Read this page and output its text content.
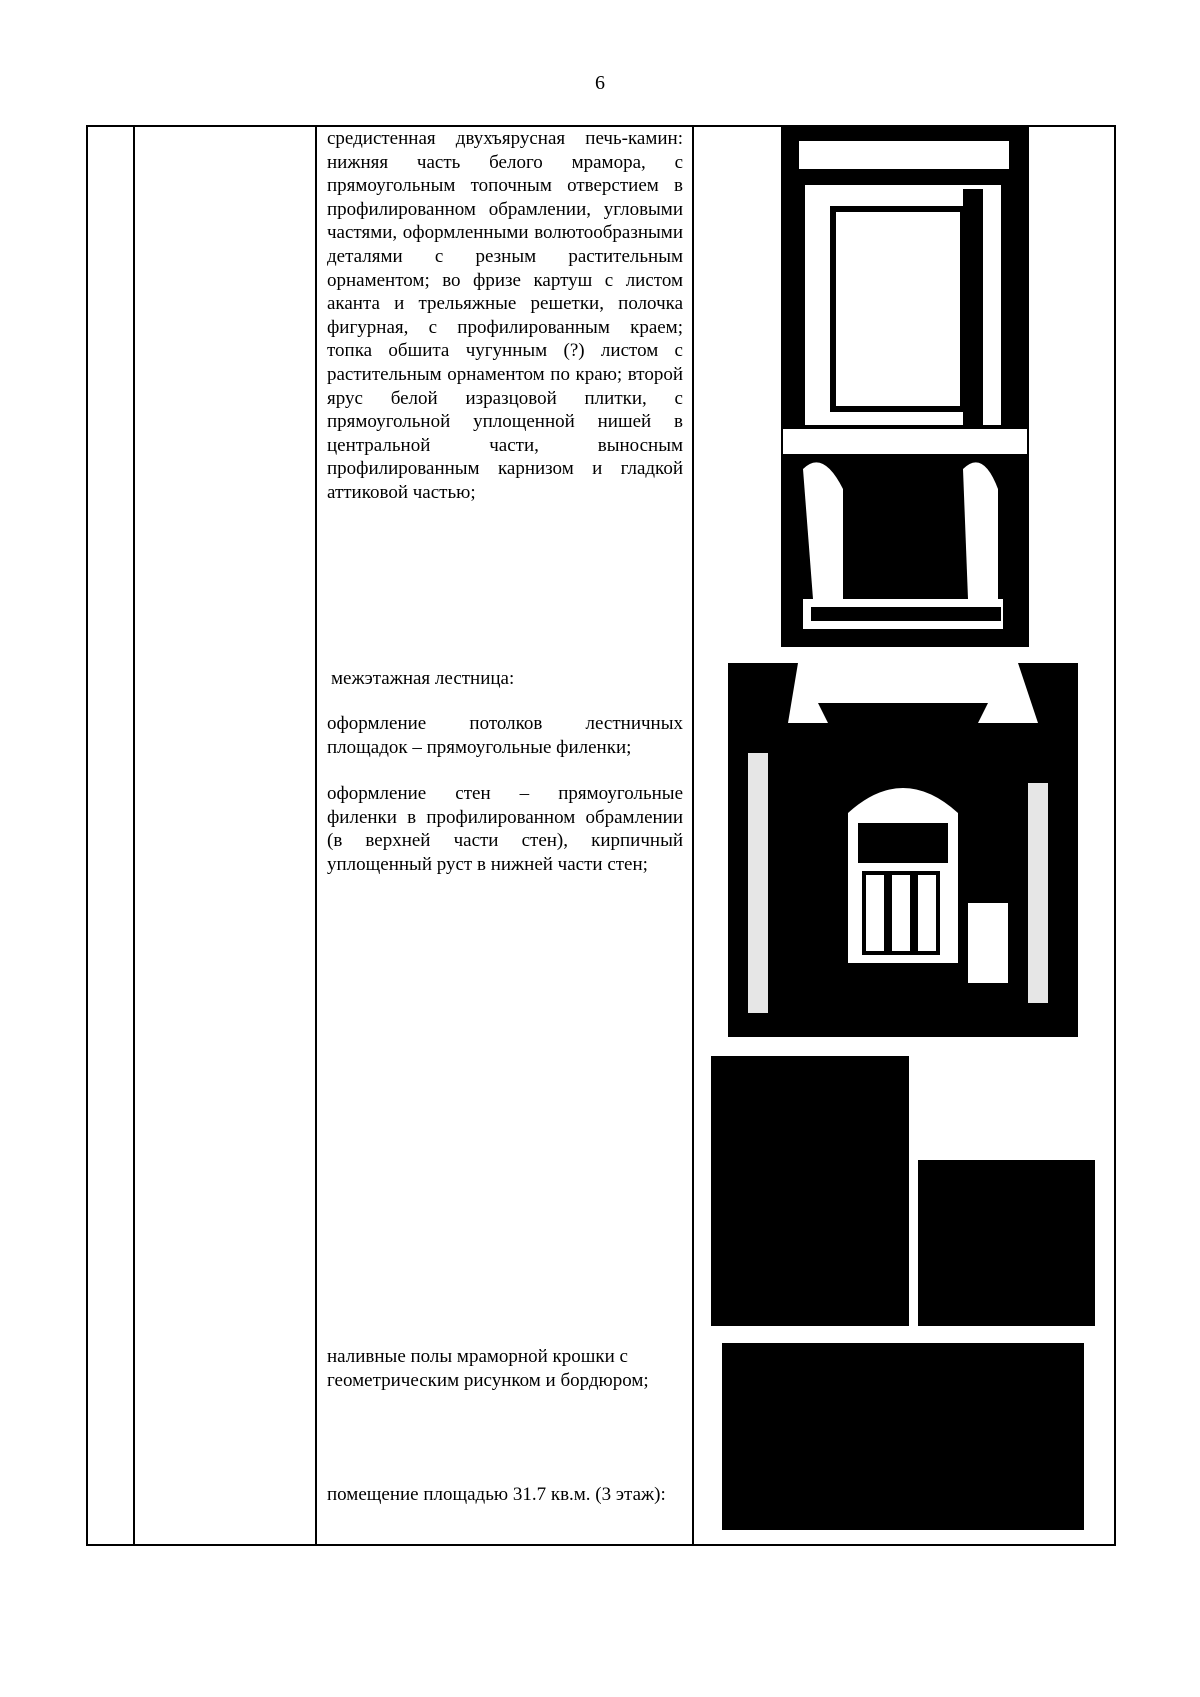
6
средистенная двухъярусная печь-камин: нижняя часть белого мрамора, с прямоугольным топочным отверстием в профилированном обрамлении, угловыми частями, оформленными волютообразными деталями с резным растительным орнаментом; во фризе картуш с листом аканта и трельяжные решетки, полочка фигурная, с профилированным краем; топка обшита чугунным (?) листом с растительным орнаментом по краю; второй ярус белой изразцовой плитки, с прямоугольной уплощенной нишей в центральной части, выносным профилированным карнизом и гладкой аттиковой частью;
межэтажная лестница:
оформление потолков лестничных площадок – прямоугольные филенки;
оформление стен – прямоугольные филенки в профилированном обрамлении (в верхней части стен), кирпичный уплощенный руст в нижней части стен;
наливные полы мраморной крошки с геометрическим рисунком и бордюром;
помещение площадью 31.7 кв.м. (3 этаж):
